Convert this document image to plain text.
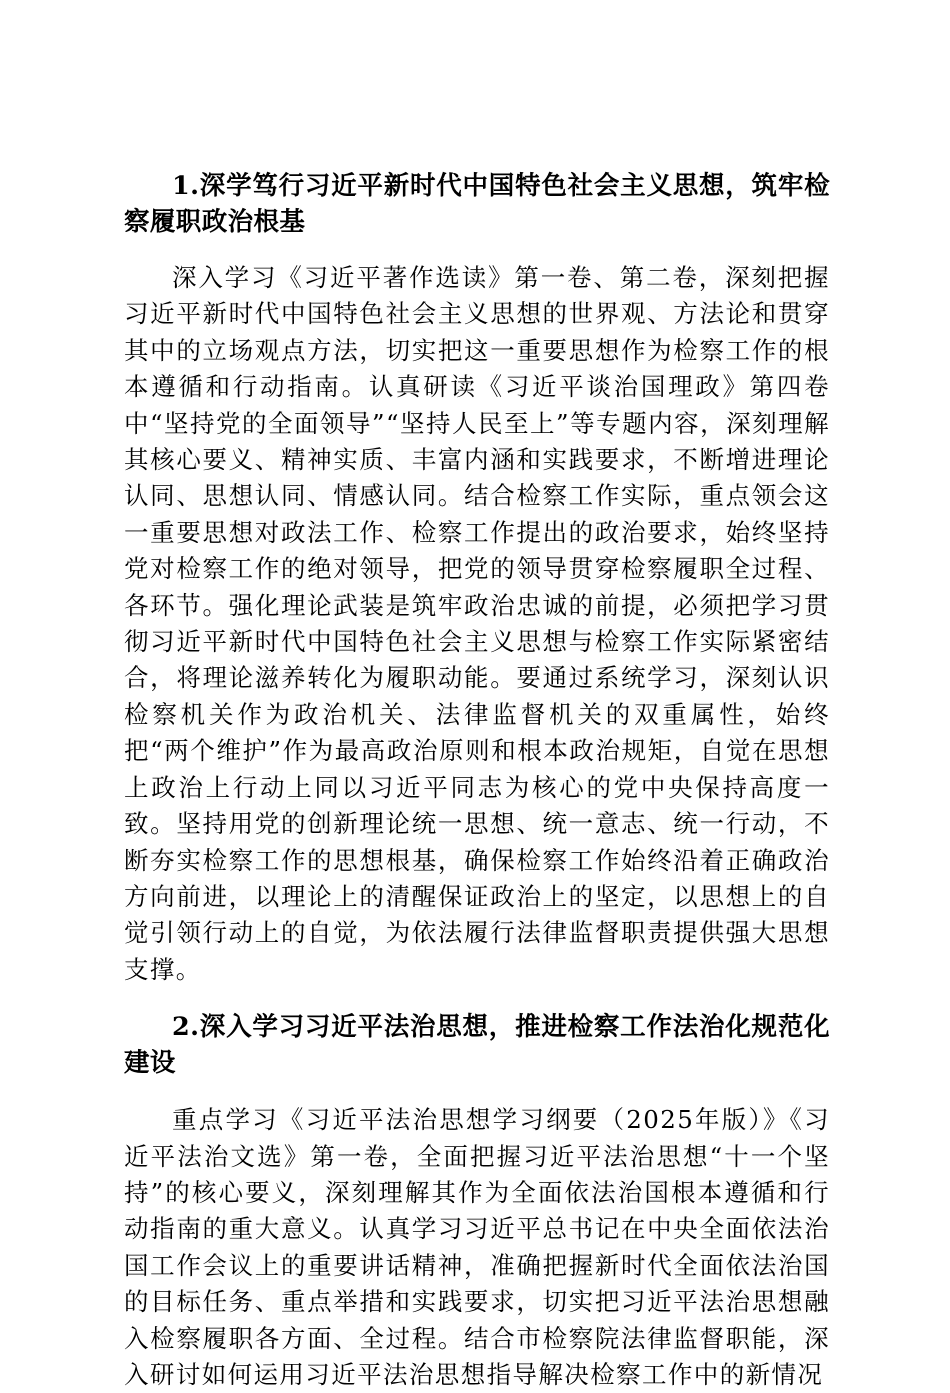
1.深学笃行习近平新时代中国特色社会主义思想，筑牢检察履职政治根基

深入学习《习近平著作选读》第一卷、第二卷，深刻把握习近平新时代中国特色社会主义思想的世界观、方法论和贯穿其中的立场观点方法，切实把这一重要思想作为检察工作的根本遵循和行动指南。认真研读《习近平谈治国理政》第四卷中“坚持党的全面领导”“坚持人民至上”等专题内容，深刻理解其核心要义、精神实质、丰富内涵和实践要求，不断增进理论认同、思想认同、情感认同。结合检察工作实际，重点领会这一重要思想对政法工作、检察工作提出的政治要求，始终坚持党对检察工作的绝对领导，把党的领导贯穿检察履职全过程、各环节。强化理论武装是筑牢政治忠诚的前提，必须把学习贯彻习近平新时代中国特色社会主义思想与检察工作实际紧密结合，将理论滋养转化为履职动能。要通过系统学习，深刻认识检察机关作为政治机关、法律监督机关的双重属性，始终把“两个维护”作为最高政治原则和根本政治规矩，自觉在思想上政治上行动上同以习近平同志为核心的党中央保持高度一致。坚持用党的创新理论统一思想、统一意志、统一行动，不断夯实检察工作的思想根基，确保检察工作始终沿着正确政治方向前进，以理论上的清醒保证政治上的坚定，以思想上的自觉引领行动上的自觉，为依法履行法律监督职责提供强大思想支撑。

2.深入学习习近平法治思想，推进检察工作法治化规范化建设

重点学习《习近平法治思想学习纲要（2025年版）》《习近平法治文选》第一卷，全面把握习近平法治思想“十一个坚持”的核心要义，深刻理解其作为全面依法治国根本遵循和行动指南的重大意义。认真学习习近平总书记在中央全面依法治国工作会议上的重要讲话精神，准确把握新时代全面依法治国的目标任务、重点举措和实践要求，切实把习近平法治思想融入检察履职各方面、全过程。结合市检察院法律监督职能，深入研讨如何运用习近平法治思想指导解决检察工作中的新情况
